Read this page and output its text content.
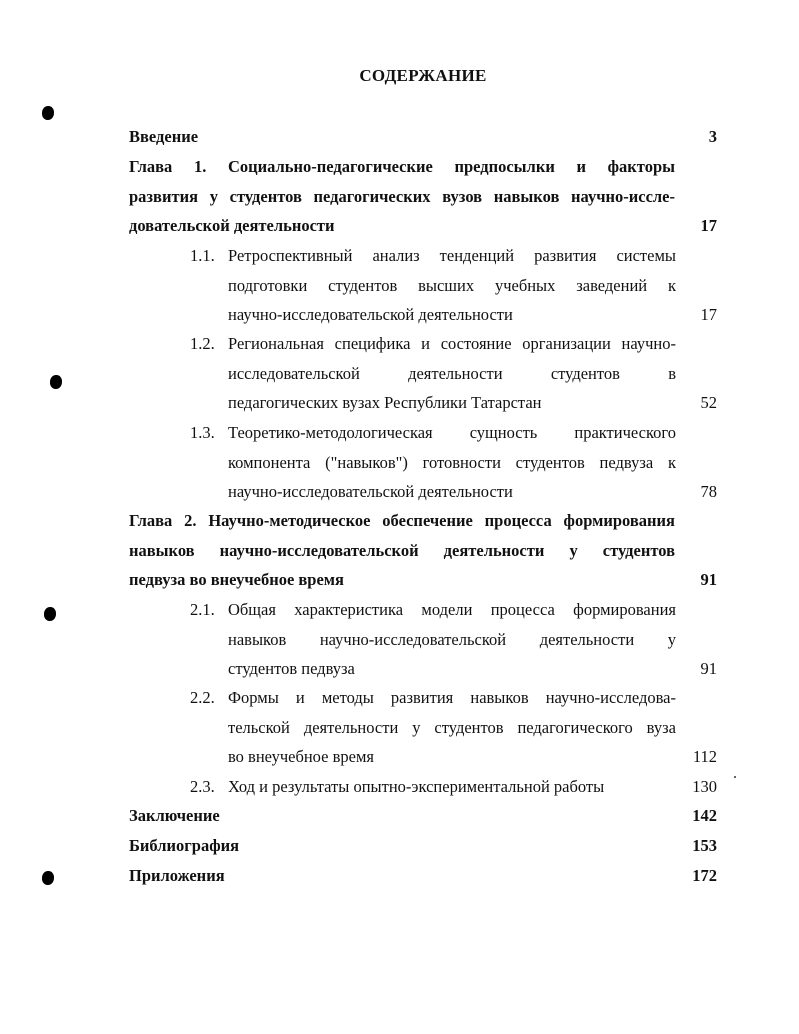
СОДЕРЖАНИЕ
Введение	3
Глава 1. Социально-педагогические предпосылки и факторы
развития у студентов педагогических вузов навыков научно-иссле-
довательской деятельности	17
1.1. Ретроспективный анализ тенденций развития системы
подготовки студентов высших учебных заведений к
научно-исследовательской деятельности	17
1.2. Региональная специфика и состояние организации научно-
исследовательской деятельности студентов в
педагогических вузах Республики Татарстан	52
1.3. Теоретико-методологическая сущность практического
компонента ("навыков") готовности студентов педвуза к
научно-исследовательской деятельности	78
Глава 2. Научно-методическое обеспечение процесса формирования
навыков научно-исследовательской деятельности у студентов
педвуза во внеучебное время	91
2.1. Общая характеристика модели процесса формирования
навыков научно-исследовательской деятельности у
студентов педвуза	91
2.2. Формы и методы развития навыков научно-исследова-
тельской деятельности у студентов педагогического вуза
во внеучебное время	112
2.3. Ход и результаты опытно-экспериментальной работы	130
Заключение	142
Библиография	153
Приложения	172
